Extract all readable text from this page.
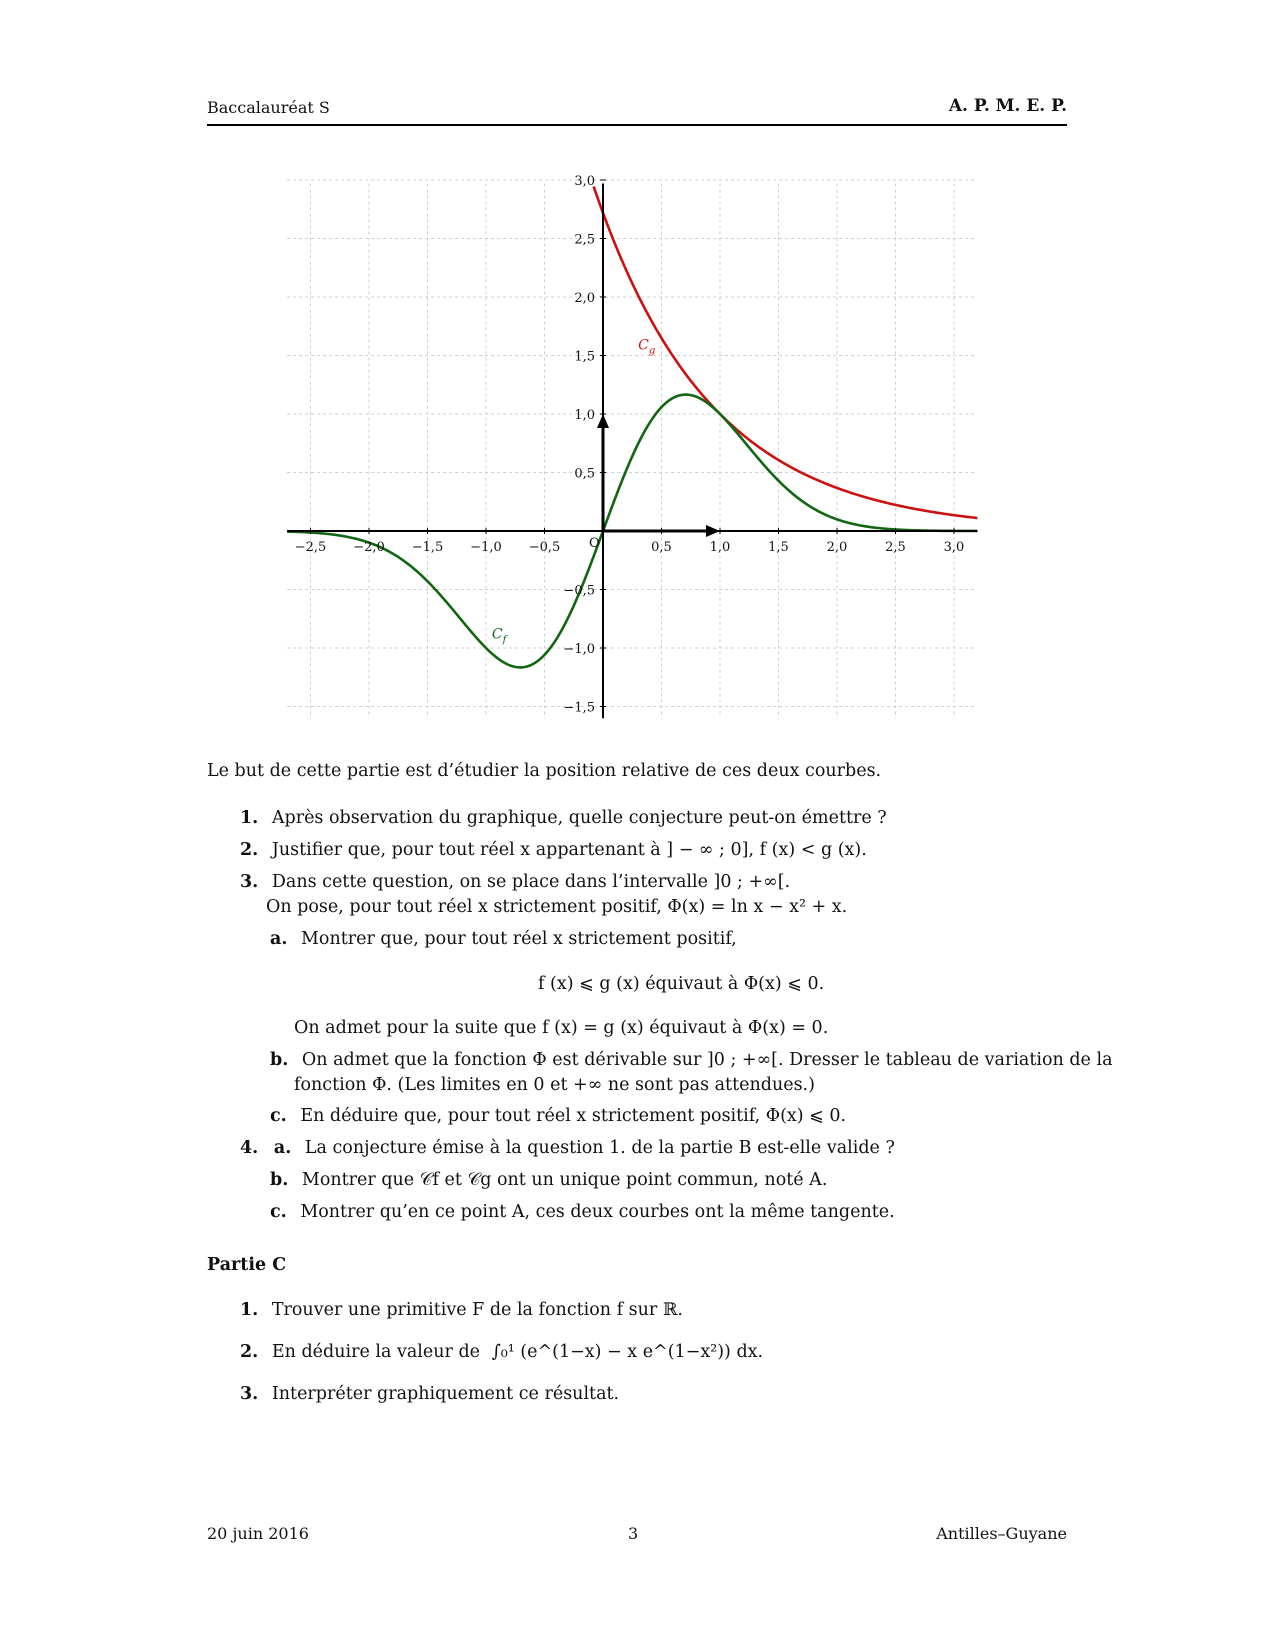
Baccalauréat S	A. P. M. E. P.
−2,5 −2,0 −1,5 −1,0 −0,5	0,5	1,0	1,5	2,0	2,5	3,0
−1,5
−1,0
−0,5
0,5
1,0
1,5
2,0
2,5
3,0
O
$C_g$
$C_f$
Le but de cette partie est d’étudier la position relative de ces deux courbes.
1. Après observation du graphique, quelle conjecture peut-on émettre ?
2. Justifier que, pour tout réel x appartenant à ] − ∞ ; 0], f (x) < g (x).
3. Dans cette question, on se place dans l’intervalle ]0 ; +∞[.
On pose, pour tout réel x strictement positif, Φ(x) = ln x − x² + x.
a. Montrer que, pour tout réel x strictement positif,
f (x) ⩽ g (x) équivaut à Φ(x) ⩽ 0.
On admet pour la suite que f (x) = g (x) équivaut à Φ(x) = 0.
b. On admet que la fonction Φ est dérivable sur ]0 ; +∞[. Dresser le tableau de variation de la
fonction Φ. (Les limites en 0 et +∞ ne sont pas attendues.)
c. En déduire que, pour tout réel x strictement positif, Φ(x) ⩽ 0.
4. a. La conjecture émise à la question 1. de la partie B est-elle valide ?
b. Montrer que 𝒞f et 𝒞g ont un unique point commun, noté A.
c. Montrer qu’en ce point A, ces deux courbes ont la même tangente.
Partie C
1. Trouver une primitive F de la fonction f sur ℝ.
2. En déduire la valeur de ∫₀¹ (e^(1−x) − x e^(1−x²)) dx.
3. Interpréter graphiquement ce résultat.
20 juin 2016	3	Antilles–Guyane
